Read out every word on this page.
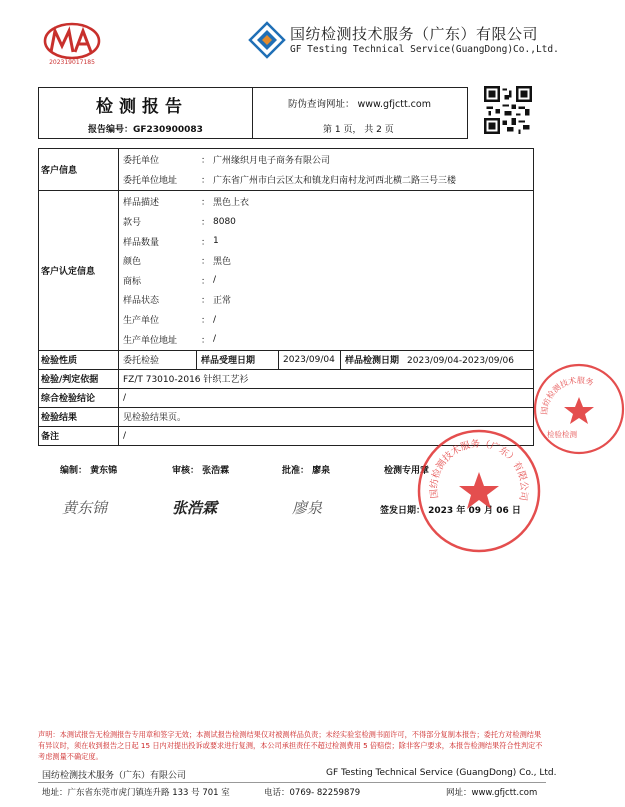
202319017185
国纺检测技术服务（广东）有限公司
GF Testing Technical Service(GuangDong)Co.,Ltd.
检测报告
报告编号：GF230900083
防伪查询网址： www.gfjctt.com
第 1 页， 共 2 页
客户信息	
委托单位	：	广州缘织月电子商务有限公司
委托单位地址	：	广东省广州市白云区太和镇龙归南村龙河西北横二路三号三楼

客户认定信息	
样品描述	：	黑色上衣
款号	：	8080
样品数量	：	1
颜色	：	黑色
商标	：	/
样品状态	：	正常
生产单位	：	/
生产单位地址	：	/

检验性质	委托检验	样品受理日期	2023/09/04	样品检测日期 2023/09/04-2023/09/06
检验/判定依据	FZ/T 73010-2016 针织工艺衫
综合检验结论	/
检验结果	见检验结果页。
备注	/
编制： 黄东锦	审核： 张浩霖	批准： 廖泉	检测专用章
黄东锦	张浩霖	廖泉	签发日期： 2023 年 09 月 06 日
国纺检测技术服务（广东）有限公司
国纺检测技术服务
检验检测
声明：本测试报告无检测报告专用章和签字无效；本测试报告检测结果仅对被测样品负责；未经实验室检测书面许可，不得部分复制本报告；委托方对检测结果有异议时，须在收到报告之日起 15 日内对提出投诉或要求进行复测，本公司承担责任不超过检测费用 5 倍赔偿；除非客户要求，本报告检测结果符合性判定不考虑测量不确定度。
国纺检测技术服务（广东）有限公司	GF Testing Technical Service (GuangDong) Co., Ltd.
地址：广东省东莞市虎门镇连升路 133 号 701 室	电话：0769- 82259879	网址：www.gfjctt.com
